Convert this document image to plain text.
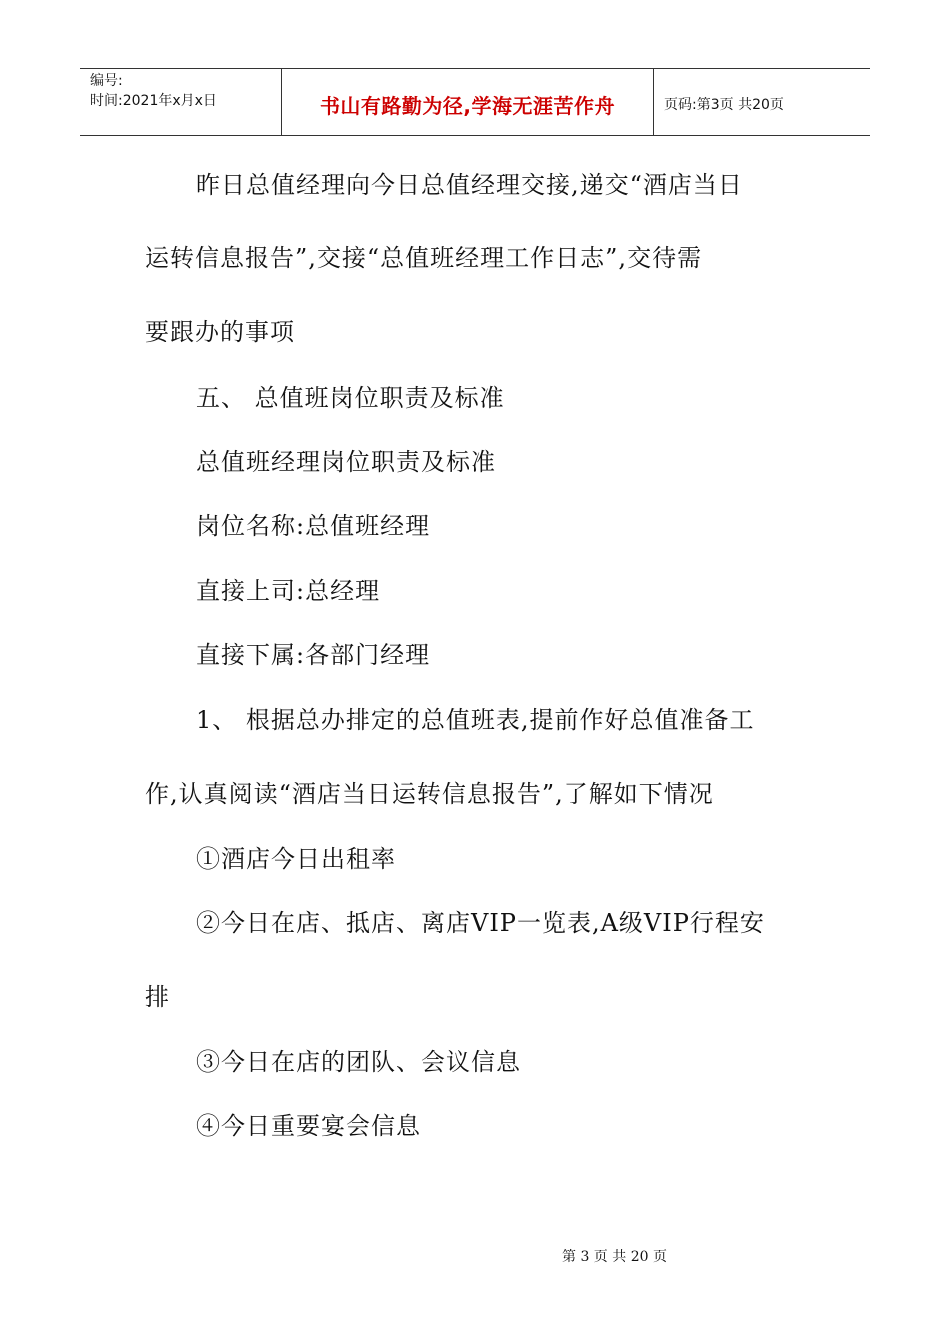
编号:
时间:2021年x月x日	书山有路勤为径,学海无涯苦作舟	页码:第3页 共20页
昨日总值经理向今日总值经理交接,递交“酒店当日
运转信息报告”,交接“总值班经理工作日志”,交待需
要跟办的事项
五、 总值班岗位职责及标准
总值班经理岗位职责及标准
岗位名称:总值班经理
直接上司:总经理
直接下属:各部门经理
1、 根据总办排定的总值班表,提前作好总值准备工
作,认真阅读“酒店当日运转信息报告”,了解如下情况
①酒店今日出租率
②今日在店、抵店、离店VIP一览表,A级VIP行程安
排
③今日在店的团队、会议信息
④今日重要宴会信息
第 3 页 共 20 页
